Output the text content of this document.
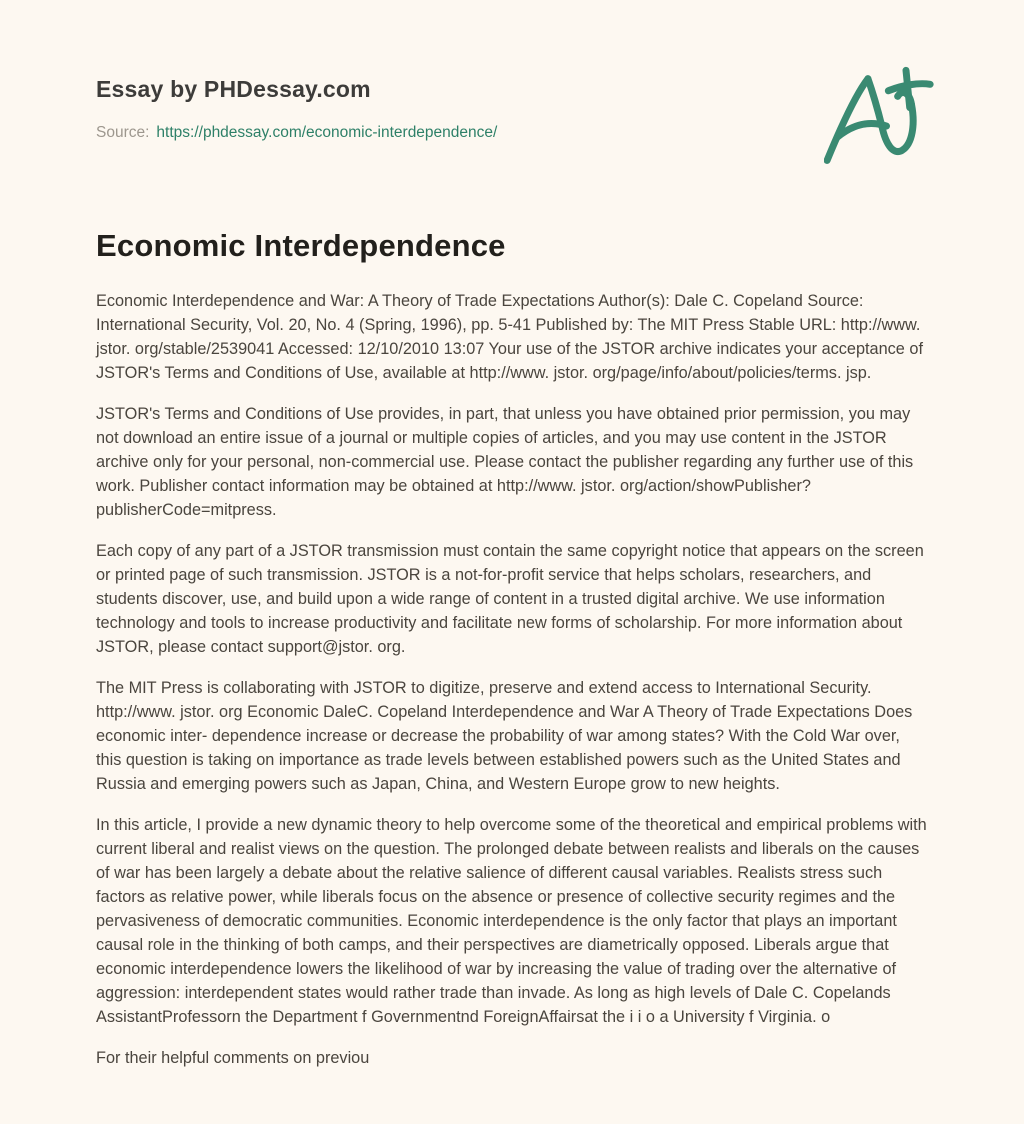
Essay by PHDessay.com
Source: https://phdessay.com/economic-interdependence/
Economic Interdependence

Economic Interdependence and War: A Theory of Trade Expectations Author(s): Dale C. Copeland Source: International Security, Vol. 20, No. 4 (Spring, 1996), pp. 5-41 Published by: The MIT Press Stable URL: http://www. jstor. org/stable/2539041 Accessed: 12/10/2010 13:07 Your use of the JSTOR archive indicates your acceptance of JSTOR's Terms and Conditions of Use, available at http://www. jstor. org/page/info/about/policies/terms. jsp.

JSTOR's Terms and Conditions of Use provides, in part, that unless you have obtained prior permission, you may not download an entire issue of a journal or multiple copies of articles, and you may use content in the JSTOR archive only for your personal, non-commercial use. Please contact the publisher regarding any further use of this work. Publisher contact information may be obtained at http://www. jstor. org/action/showPublisher? publisherCode=mitpress.

Each copy of any part of a JSTOR transmission must contain the same copyright notice that appears on the screen or printed page of such transmission. JSTOR is a not-for-profit service that helps scholars, researchers, and students discover, use, and build upon a wide range of content in a trusted digital archive. We use information technology and tools to increase productivity and facilitate new forms of scholarship. For more information about JSTOR, please contact support@jstor. org.

The MIT Press is collaborating with JSTOR to digitize, preserve and extend access to International Security. http://www. jstor. org Economic DaleC. Copeland Interdependence and War A Theory of Trade Expectations Does economic inter- dependence increase or decrease the probability of war among states? With the Cold War over, this question is taking on importance as trade levels between established powers such as the United States and Russia and emerging powers such as Japan, China, and Western Europe grow to new heights.

In this article, I provide a new dynamic theory to help overcome some of the theoretical and empirical problems with current liberal and realist views on the question. The prolonged debate between realists and liberals on the causes of war has been largely a debate about the relative salience of different causal variables. Realists stress such factors as relative power, while liberals focus on the absence or presence of collective security regimes and the pervasiveness of democratic communities. Economic interdependence is the only factor that plays an important causal role in the thinking of both camps, and their perspectives are diametrically opposed. Liberals argue that economic interdependence lowers the likelihood of war by increasing the value of trading over the alternative of aggression: interdependent states would rather trade than invade. As long as high levels of Dale C. Copelands AssistantProfessorn the Department f Governmentnd ForeignAffairsat the i i o a University f Virginia. o

For their helpful comments on previou
